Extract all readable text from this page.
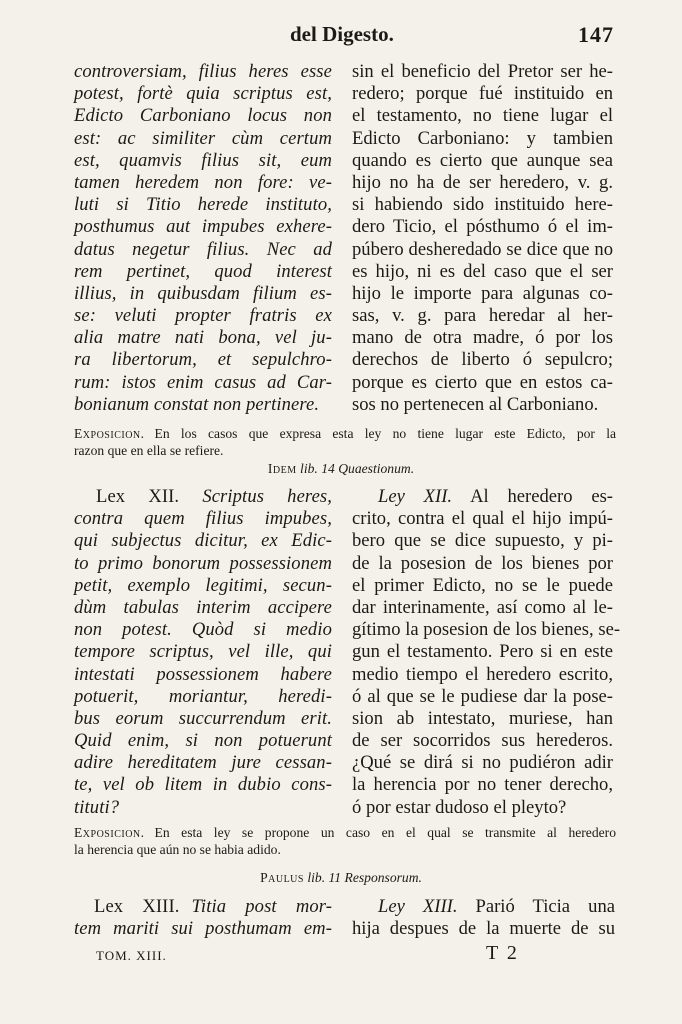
del Digesto.	147
controversiam, filius heres esse
potest, fortè quia scriptus est,
Edicto Carboniano locus non
est: ac similiter cùm certum
est, quamvis filius sit, eum
tamen heredem non fore: ve-
luti si Titio herede instituto,
posthumus aut impubes exhere-
datus negetur filius. Nec ad
rem pertinet, quod interest
illius, in quibusdam filium es-
se: veluti propter fratris ex
alia matre nati bona, vel ju-
ra libertorum, et sepulchro-
rum: istos enim casus ad Car-
bonianum constat non pertinere.
sin el beneficio del Pretor ser he-
redero; porque fué instituido en
el testamento, no tiene lugar el
Edicto Carboniano: y tambien
quando es cierto que aunque sea
hijo no ha de ser heredero, v. g.
si habiendo sido instituido here-
dero Ticio, el pósthumo ó el im-
púbero desheredado se dice que no
es hijo, ni es del caso que el ser
hijo le importe para algunas co-
sas, v. g. para heredar al her-
mano de otra madre, ó por los
derechos de liberto ó sepulcro;
porque es cierto que en estos ca-
sos no pertenecen al Carboniano.
Exposicion. En los casos que expresa esta ley no tiene lugar este Edicto, por la
razon que en ella se refiere.
Idem lib. 14 Quaestionum.
Lex XII. Scriptus heres,
contra quem filius impubes,
qui subjectus dicitur, ex Edic-
to primo bonorum possessionem
petit, exemplo legitimi, secun-
dùm tabulas interim accipere
non potest. Quòd si medio
tempore scriptus, vel ille, qui
intestati possessionem habere
potuerit, moriantur, heredi-
bus eorum succurrendum erit.
Quid enim, si non potuerunt
adire hereditatem jure cessan-
te, vel ob litem in dubio cons-
tituti?
Ley XII. Al heredero es-
crito, contra el qual el hijo impú-
bero que se dice supuesto, y pi-
de la posesion de los bienes por
el primer Edicto, no se le puede
dar interinamente, así como al le-
gítimo la posesion de los bienes, se-
gun el testamento. Pero si en este
medio tiempo el heredero escrito,
ó al que se le pudiese dar la pose-
sion ab intestato, muriese, han
de ser socorridos sus herederos.
¿Qué se dirá si no pudiéron adir
la herencia por no tener derecho,
ó por estar dudoso el pleyto?
Exposicion. En esta ley se propone un caso en el qual se transmite al heredero
la herencia que aún no se habia adido.
Paulus lib. 11 Responsorum.
Lex XIII. Titia post mor-
tem mariti sui posthumam em-
Ley XIII. Parió Ticia una
hija despues de la muerte de su
TOM. XIII.	T 2
